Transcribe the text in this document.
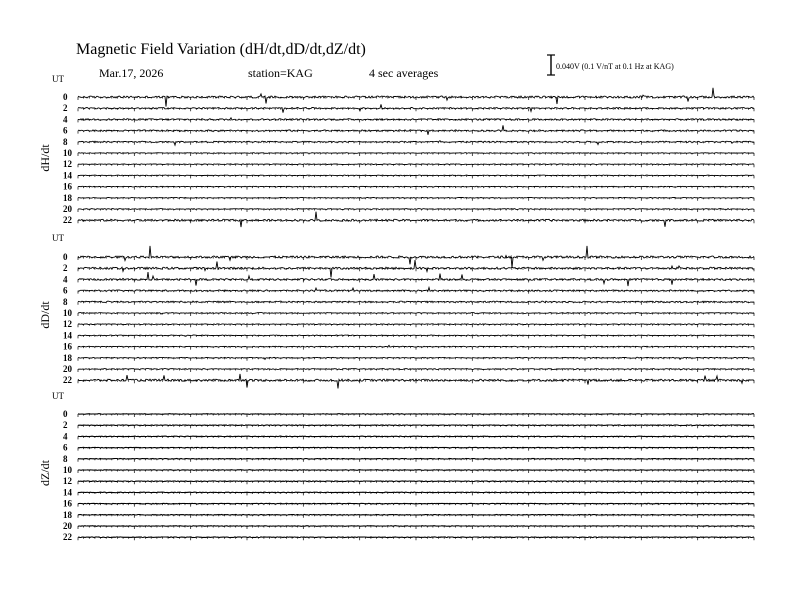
Magnetic Field Variation (dH/dt,dD/dt,dZ/dt)
Mar.17, 2026	station=KAG	4 sec averages	0.040V (0.1 V/nT at 0.1 Hz at KAG)
UT
dH/dt
0
2
4
6
8
10
12
14
16
18
20
22
UT
dD/dt
0
2
4
6
8
10
12
14
16
18
20
22
UT
dZ/dt
0
2
4
6
8
10
12
14
16
18
20
22
